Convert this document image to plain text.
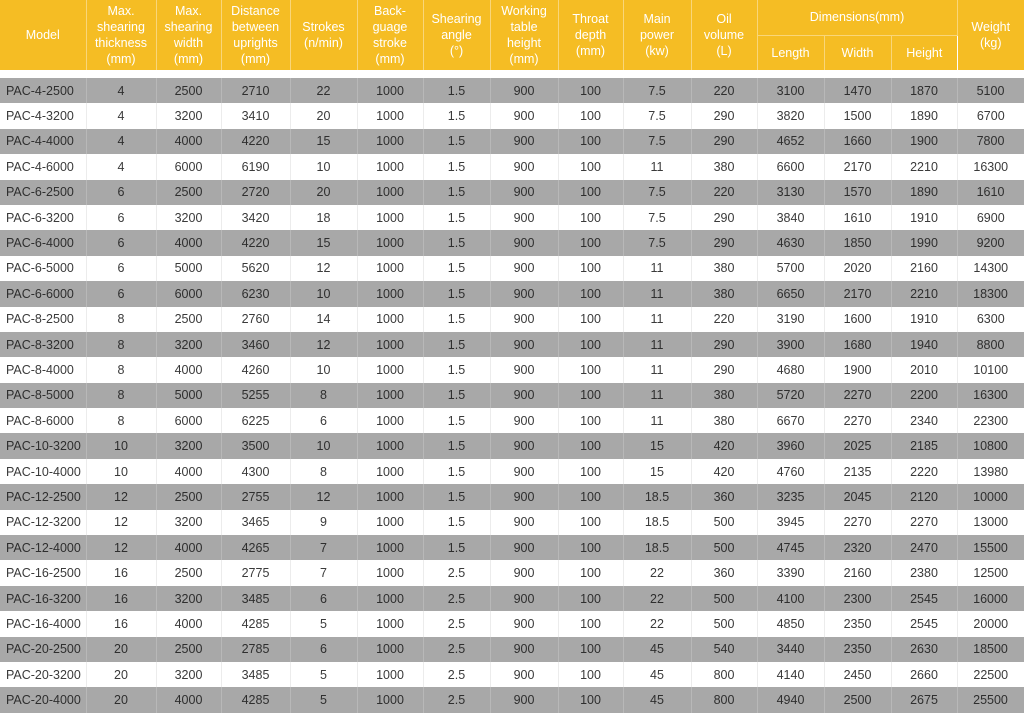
Model	Max.
shearing
thickness
(mm)	Max.
shearing
width
(mm)	Distance
between
uprights
(mm)	Strokes
(n/min)	Back-
guage
stroke
(mm)	Shearing
angle
(°)	Working
table
height
(mm)	Throat
depth
(mm)	Main
power
(kw)	Oil
volume
(L)	Dimensions(mm)			Weight
(kg)

											Length	Width	Height	

PAC-4-2500	4	2500	2710	22	1000	1.5	900	100	7.5	220	3100	1470	1870	5100
PAC-4-3200	4	3200	3410	20	1000	1.5	900	100	7.5	290	3820	1500	1890	6700
PAC-4-4000	4	4000	4220	15	1000	1.5	900	100	7.5	290	4652	1660	1900	7800
PAC-4-6000	4	6000	6190	10	1000	1.5	900	100	11	380	6600	2170	2210	16300
PAC-6-2500	6	2500	2720	20	1000	1.5	900	100	7.5	220	3130	1570	1890	1610
PAC-6-3200	6	3200	3420	18	1000	1.5	900	100	7.5	290	3840	1610	1910	6900
PAC-6-4000	6	4000	4220	15	1000	1.5	900	100	7.5	290	4630	1850	1990	9200
PAC-6-5000	6	5000	5620	12	1000	1.5	900	100	11	380	5700	2020	2160	14300
PAC-6-6000	6	6000	6230	10	1000	1.5	900	100	11	380	6650	2170	2210	18300
PAC-8-2500	8	2500	2760	14	1000	1.5	900	100	11	220	3190	1600	1910	6300
PAC-8-3200	8	3200	3460	12	1000	1.5	900	100	11	290	3900	1680	1940	8800
PAC-8-4000	8	4000	4260	10	1000	1.5	900	100	11	290	4680	1900	2010	10100
PAC-8-5000	8	5000	5255	8	1000	1.5	900	100	11	380	5720	2270	2200	16300
PAC-8-6000	8	6000	6225	6	1000	1.5	900	100	11	380	6670	2270	2340	22300
PAC-10-3200	10	3200	3500	10	1000	1.5	900	100	15	420	3960	2025	2185	10800
PAC-10-4000	10	4000	4300	8	1000	1.5	900	100	15	420	4760	2135	2220	13980
PAC-12-2500	12	2500	2755	12	1000	1.5	900	100	18.5	360	3235	2045	2120	10000
PAC-12-3200	12	3200	3465	9	1000	1.5	900	100	18.5	500	3945	2270	2270	13000
PAC-12-4000	12	4000	4265	7	1000	1.5	900	100	18.5	500	4745	2320	2470	15500
PAC-16-2500	16	2500	2775	7	1000	2.5	900	100	22	360	3390	2160	2380	12500
PAC-16-3200	16	3200	3485	6	1000	2.5	900	100	22	500	4100	2300	2545	16000
PAC-16-4000	16	4000	4285	5	1000	2.5	900	100	22	500	4850	2350	2545	20000
PAC-20-2500	20	2500	2785	6	1000	2.5	900	100	45	540	3440	2350	2630	18500
PAC-20-3200	20	3200	3485	5	1000	2.5	900	100	45	800	4140	2450	2660	22500
PAC-20-4000	20	4000	4285	5	1000	2.5	900	100	45	800	4940	2500	2675	25500
